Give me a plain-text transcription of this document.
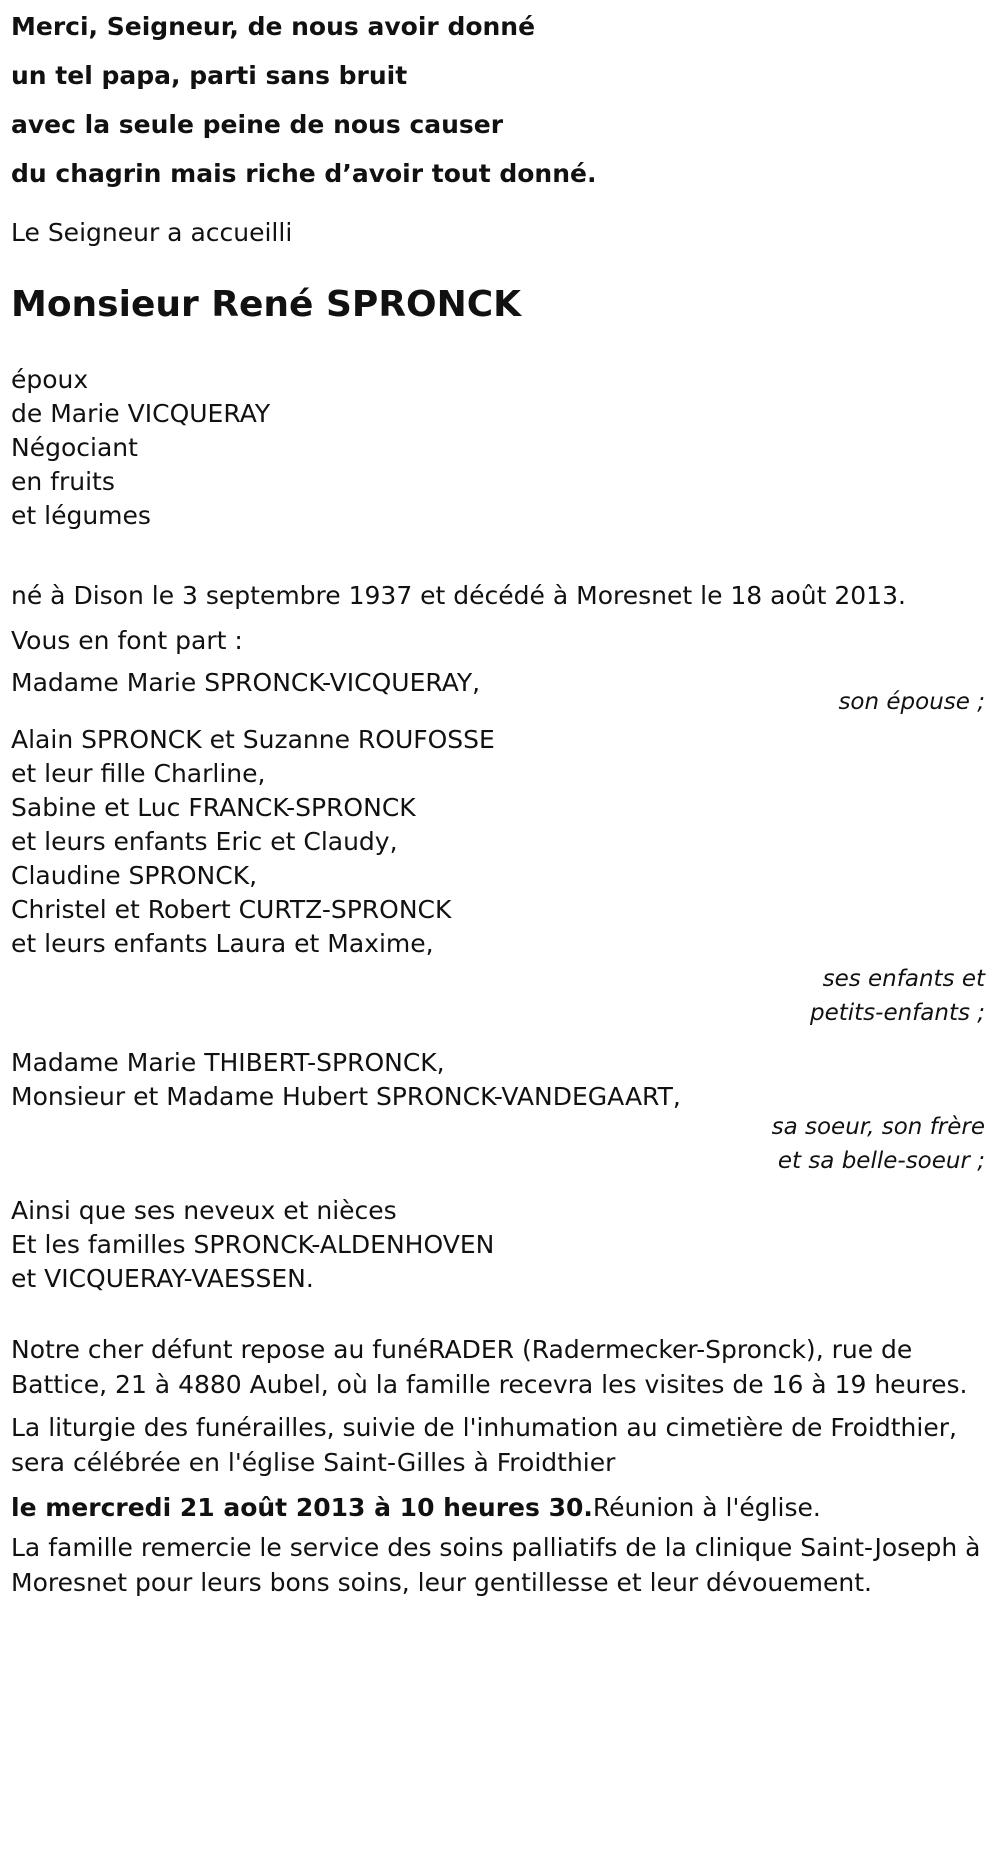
Merci, Seigneur, de nous avoir donné
un tel papa, parti sans bruit
avec la seule peine de nous causer
du chagrin mais riche d’avoir tout donné.
Le Seigneur a accueilli
Monsieur René SPRONCK
époux
de Marie VICQUERAY
Négociant
en fruits
et légumes
né à Dison le 3 septembre 1937 et décédé à Moresnet le 18 août 2013.
Vous en font part :
Madame Marie SPRONCK-VICQUERAY,
son épouse ;
Alain SPRONCK et Suzanne ROUFOSSE
et leur fille Charline,
Sabine et Luc FRANCK-SPRONCK
et leurs enfants Eric et Claudy,
Claudine SPRONCK,
Christel et Robert CURTZ-SPRONCK
et leurs enfants Laura et Maxime,
ses enfants et
petits-enfants ;
Madame Marie THIBERT-SPRONCK,
Monsieur et Madame Hubert SPRONCK-VANDEGAART,
sa soeur, son frère
et sa belle-soeur ;
Ainsi que ses neveux et nièces
Et les familles SPRONCK-ALDENHOVEN
et VICQUERAY-VAESSEN.
Notre cher défunt repose au funéRADER (Radermecker-Spronck), rue de Battice, 21 à 4880 Aubel, où la famille recevra les visites de 16 à 19 heures.
La liturgie des funérailles, suivie de l'inhumation au cimetière de Froidthier, sera célébrée en l'église Saint-Gilles à Froidthier
le mercredi 21 août 2013 à 10 heures 30.Réunion à l'église.
La famille remercie le service des soins palliatifs de la clinique Saint-Joseph à Moresnet pour leurs bons soins, leur gentillesse et leur dévouement.
